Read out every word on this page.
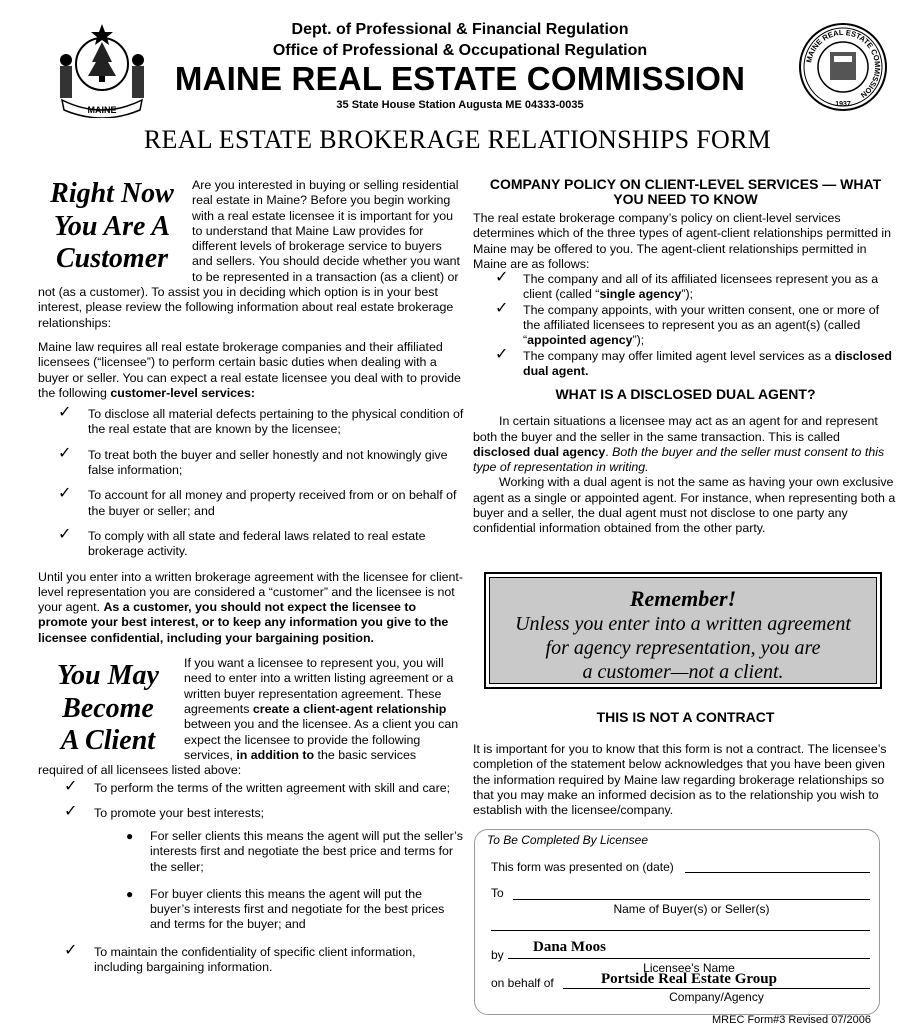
MAINE
MAINE REAL ESTATE COMMISSION
1937
Dept. of Professional & Financial Regulation
Office of Professional & Occupational Regulation
MAINE REAL ESTATE COMMISSION
35 State House Station Augusta ME 04333-0035
REAL ESTATE BROKERAGE RELATIONSHIPS FORM
Right Now
You Are A
Customer

Are you interested in buying or selling residential real estate in Maine? Before you begin working with a real estate licensee it is important for you to understand that Maine Law provides for different levels of brokerage service to buyers and sellers. You should decide whether you want to be represented in a transaction (as a client) or not (as a customer). To assist you in deciding which option is in your best interest, please review the following information about real estate brokerage relationships:

Maine law requires all real estate brokerage companies and their affiliated licensees (“licensee”) to perform certain basic duties when dealing with a buyer or seller. You can expect a real estate licensee you deal with to provide the following customer-level services:

✓ To disclose all material defects pertaining to the physical condition of the real estate that are known by the licensee;
✓ To treat both the buyer and seller honestly and not knowingly give false information;
✓ To account for all money and property received from or on behalf of the buyer or seller; and
✓ To comply with all state and federal laws related to real estate brokerage activity.

Until you enter into a written brokerage agreement with the licensee for client-level representation you are considered a “customer” and the licensee is not your agent. As a customer, you should not expect the licensee to promote your best interest, or to keep any information you give to the licensee confidential, including your bargaining position.

You May
Become
A Client

If you want a licensee to represent you, you will need to enter into a written listing agreement or a written buyer representation agreement. These agreements create a client-agent relationship between you and the licensee. As a client you can expect the licensee to provide the following services, in addition to the basic services required of all licensees listed above:

✓ To perform the terms of the written agreement with skill and care;
✓ To promote your best interests;
● For seller clients this means the agent will put the seller’s interests first and negotiate the best price and terms for the seller;
● For buyer clients this means the agent will put the buyer’s interests first and negotiate for the best prices and terms for the buyer; and
✓ To maintain the confidentiality of specific client information, including bargaining information.
COMPANY POLICY ON CLIENT-LEVEL SERVICES — WHAT YOU NEED TO KNOW

The real estate brokerage company’s policy on client-level services determines which of the three types of agent-client relationships permitted in Maine may be offered to you. The agent-client relationships permitted in Maine are as follows:

✓ The company and all of its affiliated licensees represent you as a client (called “single agency”);
✓ The company appoints, with your written consent, one or more of the affiliated licensees to represent you as an agent(s) (called “appointed agency”);
✓ The company may offer limited agent level services as a disclosed dual agent.
WHAT IS A DISCLOSED DUAL AGENT?

In certain situations a licensee may act as an agent for and represent both the buyer and the seller in the same transaction. This is called disclosed dual agency. Both the buyer and the seller must consent to this type of representation in writing.

Working with a dual agent is not the same as having your own exclusive agent as a single or appointed agent. For instance, when representing both a buyer and a seller, the dual agent must not disclose to one party any confidential information obtained from the other party.

Remember!
Unless you enter into a written agreement
for agency representation, you are
a customer—not a client.
THIS IS NOT A CONTRACT

It is important for you to know that this form is not a contract. The licensee’s completion of the statement below acknowledges that you have been given the information required by Maine law regarding brokerage relationships so that you may make an informed decision as to the relationship you wish to establish with the licensee/company.

To Be Completed By Licensee
This form was presented on (date)
To
Name of Buyer(s) or Seller(s)
by Dana Moos
Licensee's Name
on behalf of	Portside Real Estate Group
Company/Agency
MREC Form#3 Revised 07/2006
